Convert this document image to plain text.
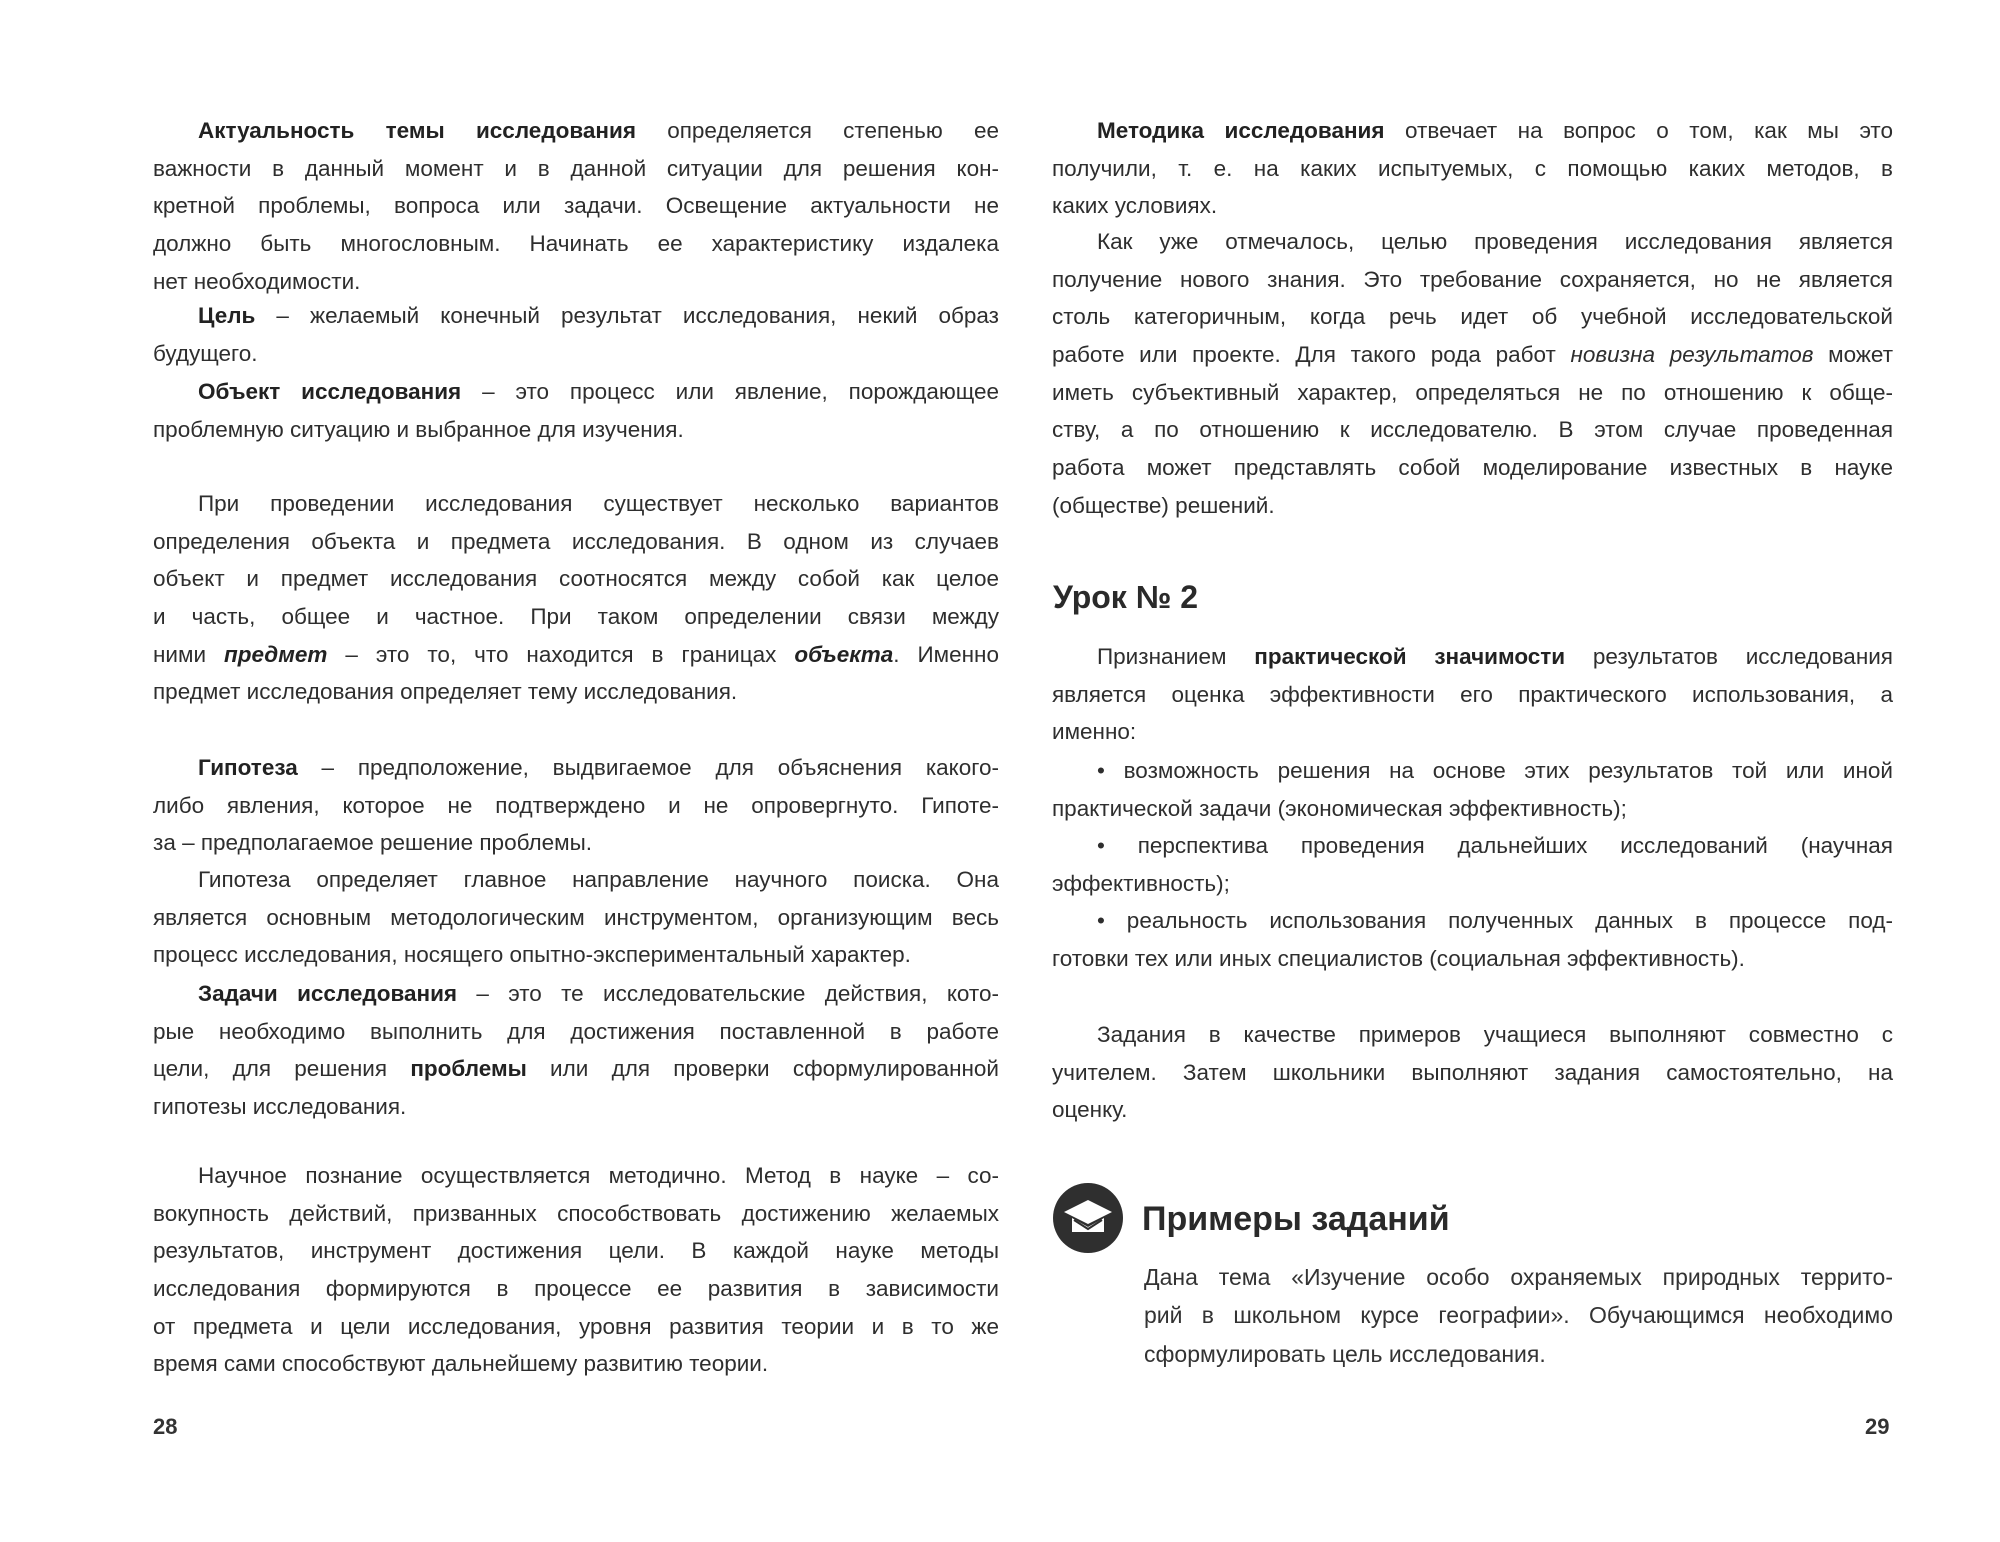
Актуальность темы исследования определяется степенью ее
важности в данный момент и в данной ситуации для решения кон-
кретной проблемы, вопроса или задачи. Освещение актуальности не
должно быть многословным. Начинать ее характеристику издалека
нет необходимости.
Цель – желаемый конечный результат исследования, некий образ
будущего.
Объект исследования – это процесс или явление, порождающее
проблемную ситуацию и выбранное для изучения.
При проведении исследования существует несколько вариантов
определения объекта и предмета исследования. В одном из случаев
объект и предмет исследования соотносятся между собой как целое
и часть, общее и частное. При таком определении связи между
ними предмет – это то, что находится в границах объекта. Именно
предмет исследования определяет тему исследования.
Гипотеза – предположение, выдвигаемое для объяснения какого-
либо явления, которое не подтверждено и не опровергнуто. Гипоте-
за – предполагаемое решение проблемы.
Гипотеза определяет главное направление научного поиска. Она
является основным методологическим инструментом, организующим весь
процесс исследования, носящего опытно-экспериментальный характер.
Задачи исследования – это те исследовательские действия, кото-
рые необходимо выполнить для достижения поставленной в работе
цели, для решения проблемы или для проверки сформулированной
гипотезы исследования.
Научное познание осуществляется методично. Метод в науке – со-
вокупность действий, призванных способствовать достижению желаемых
результатов, инструмент достижения цели. В каждой науке методы
исследования формируются в процессе ее развития в зависимости
от предмета и цели исследования, уровня развития теории и в то же
время сами способствуют дальнейшему развитию теории.
28
Методика исследования отвечает на вопрос о том, как мы это
получили, т. е. на каких испытуемых, с помощью каких методов, в
каких условиях.
Как уже отмечалось, целью проведения исследования является
получение нового знания. Это требование сохраняется, но не является
столь категоричным, когда речь идет об учебной исследовательской
работе или проекте. Для такого рода работ новизна результатов может
иметь субъективный характер, определяться не по отношению к обще-
ству, а по отношению к исследователю. В этом случае проведенная
работа может представлять собой моделирование известных в науке
(обществе) решений.
Признанием практической значимости результатов исследования
является оценка эффективности его практического использования, а
именно:
• возможность решения на основе этих результатов той или иной
практической задачи (экономическая эффективность);
• перспектива проведения дальнейших исследований (научная
эффективность);
• реальность использования полученных данных в процессе под-
готовки тех или иных специалистов (социальная эффективность).
Задания в качестве примеров учащиеся выполняют совместно с
учителем. Затем школьники выполняют задания самостоятельно, на
оценку.
Дана тема «Изучение особо охраняемых природных террито-
рий в школьном курсе географии». Обучающимся необходимо
сформулировать цель исследования.
Урок № 2
Примеры заданий
29
